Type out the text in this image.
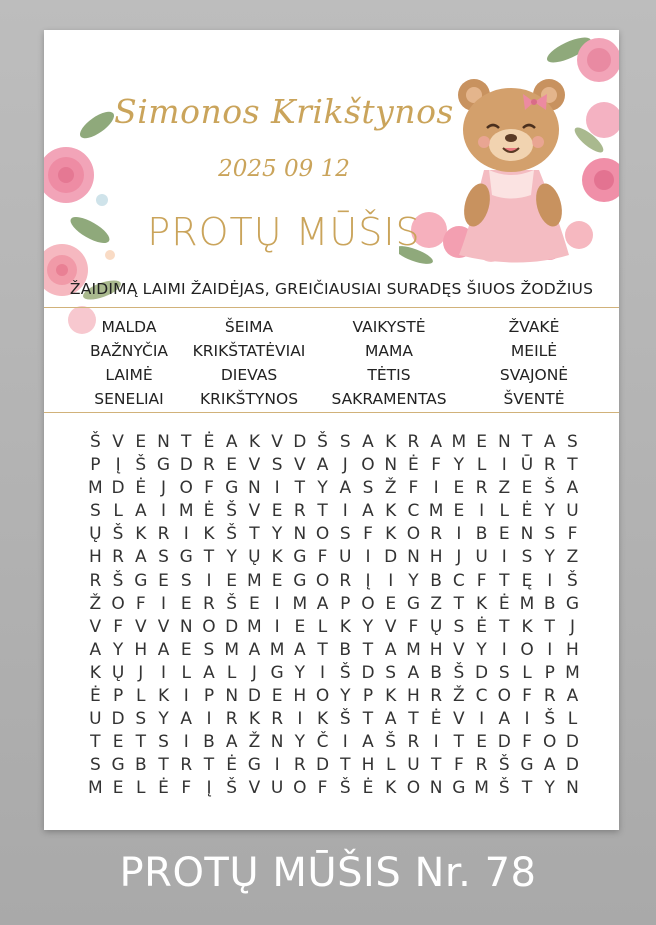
Simonos Krikštynos
2025 09 12
PROTŲ MŪŠIS
ŽAIDIMĄ LAIMI ŽAIDĖJAS, GREIČIAUSIAI SURADĘS ŠIUOS ŽODŽIUS
MALDA	ŠEIMA	VAIKYSTĖ	ŽVAKĖ
BAŽNYČIA	KRIKŠTATĖVIAI	MAMA	MEILĖ
LAIMĖ	DIEVAS	TĖTIS	SVAJONĖ
SENELIAI	KRIKŠTYNOS	SAKRAMENTAS	ŠVENTĖ
Š V E N T Ė A K V D Š S A K R A M E N T A S
P Į Š G D R E V S V A J O N Ė F Y L I Ū R T
M D Ė J O F G N I T Y A S Ž F I E R Z E Š A
S L A I M Ė Š V E R T I A K C M E I L Ė Y U
Ų Š K R I K Š T Y N O S F K O R I B E N S F
H R A S G T Y Ų K G F U I D N H J U I S Y Z
R Š G E S I E M E G O R Į	I Y B C F T Ę I Š
Ž O F I E R Š E I M A P O E G Z T K Ė M B G
V F V V N O D M I E L K Y V F Ų S Ė T K T J
A Y H A E S M A M A T B T A M H V Y I O I H
K Ų J	I L A L J G Y I Š D S A B Š D S L P M
Ė P L K I P N D E H O Y P K H R Ž C O F R A
U D S Y A I R K R I K Š T A T Ė V I A I Š L
T E T S I B A Ž N Y Č I A Š R I T E D F O D
S G B T R T Ė G I R D T H L U T F R Š G A D
M E L Ė F Į Š V U O F Š Ė K O N G M Š T Y N
PROTŲ MŪŠIS Nr. 78
